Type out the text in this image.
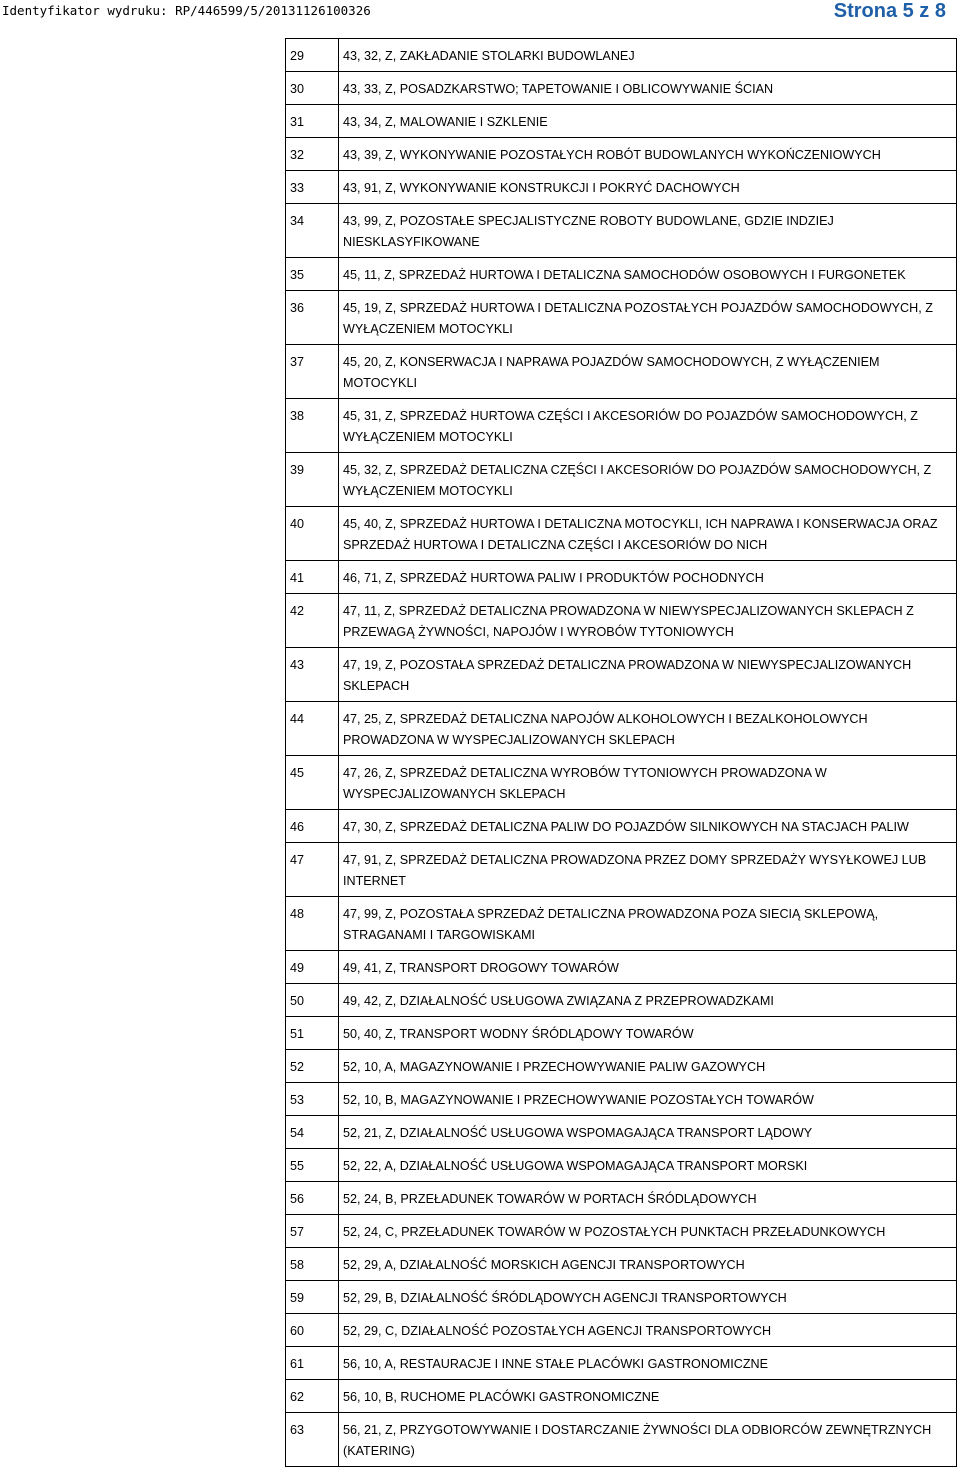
Identyfikator wydruku: RP/446599/5/20131126100326	Strona 5 z 8
29	43, 32, Z, ZAKŁADANIE STOLARKI BUDOWLANEJ
30	43, 33, Z, POSADZKARSTWO; TAPETOWANIE I OBLICOWYWANIE ŚCIAN
31	43, 34, Z, MALOWANIE I SZKLENIE
32	43, 39, Z, WYKONYWANIE POZOSTAŁYCH ROBÓT BUDOWLANYCH WYKOŃCZENIOWYCH
33	43, 91, Z, WYKONYWANIE KONSTRUKCJI I POKRYĆ DACHOWYCH
34	43, 99, Z, POZOSTAŁE SPECJALISTYCZNE ROBOTY BUDOWLANE, GDZIE INDZIEJ NIESKLASYFIKOWANE
35	45, 11, Z, SPRZEDAŻ HURTOWA I DETALICZNA SAMOCHODÓW OSOBOWYCH I FURGONETEK
36	45, 19, Z, SPRZEDAŻ HURTOWA I DETALICZNA POZOSTAŁYCH POJAZDÓW SAMOCHODOWYCH, Z WYŁĄCZENIEM MOTOCYKLI
37	45, 20, Z, KONSERWACJA I NAPRAWA POJAZDÓW SAMOCHODOWYCH, Z WYŁĄCZENIEM MOTOCYKLI
38	45, 31, Z, SPRZEDAŻ HURTOWA CZĘŚCI I AKCESORIÓW DO POJAZDÓW SAMOCHODOWYCH, Z WYŁĄCZENIEM MOTOCYKLI
39	45, 32, Z, SPRZEDAŻ DETALICZNA CZĘŚCI I AKCESORIÓW DO POJAZDÓW SAMOCHODOWYCH, Z WYŁĄCZENIEM MOTOCYKLI
40	45, 40, Z, SPRZEDAŻ HURTOWA I DETALICZNA MOTOCYKLI, ICH NAPRAWA I KONSERWACJA ORAZ SPRZEDAŻ HURTOWA I DETALICZNA CZĘŚCI I AKCESORIÓW DO NICH
41	46, 71, Z, SPRZEDAŻ HURTOWA PALIW I PRODUKTÓW POCHODNYCH
42	47, 11, Z, SPRZEDAŻ DETALICZNA PROWADZONA W NIEWYSPECJALIZOWANYCH SKLEPACH Z PRZEWAGĄ ŻYWNOŚCI, NAPOJÓW I WYROBÓW TYTONIOWYCH
43	47, 19, Z, POZOSTAŁA SPRZEDAŻ DETALICZNA PROWADZONA W NIEWYSPECJALIZOWANYCH SKLEPACH
44	47, 25, Z, SPRZEDAŻ DETALICZNA NAPOJÓW ALKOHOLOWYCH I BEZALKOHOLOWYCH PROWADZONA W WYSPECJALIZOWANYCH SKLEPACH
45	47, 26, Z, SPRZEDAŻ DETALICZNA WYROBÓW TYTONIOWYCH PROWADZONA W WYSPECJALIZOWANYCH SKLEPACH
46	47, 30, Z, SPRZEDAŻ DETALICZNA PALIW DO POJAZDÓW SILNIKOWYCH NA STACJACH PALIW
47	47, 91, Z, SPRZEDAŻ DETALICZNA PROWADZONA PRZEZ DOMY SPRZEDAŻY WYSYŁKOWEJ LUB INTERNET
48	47, 99, Z, POZOSTAŁA SPRZEDAŻ DETALICZNA PROWADZONA POZA SIECIĄ SKLEPOWĄ, STRAGANAMI I TARGOWISKAMI
49	49, 41, Z, TRANSPORT DROGOWY TOWARÓW
50	49, 42, Z, DZIAŁALNOŚĆ USŁUGOWA ZWIĄZANA Z PRZEPROWADZKAMI
51	50, 40, Z, TRANSPORT WODNY ŚRÓDLĄDOWY TOWARÓW
52	52, 10, A, MAGAZYNOWANIE I PRZECHOWYWANIE PALIW GAZOWYCH
53	52, 10, B, MAGAZYNOWANIE I PRZECHOWYWANIE POZOSTAŁYCH TOWARÓW
54	52, 21, Z, DZIAŁALNOŚĆ USŁUGOWA WSPOMAGAJĄCA TRANSPORT LĄDOWY
55	52, 22, A, DZIAŁALNOŚĆ USŁUGOWA WSPOMAGAJĄCA TRANSPORT MORSKI
56	52, 24, B, PRZEŁADUNEK TOWARÓW W PORTACH ŚRÓDLĄDOWYCH
57	52, 24, C, PRZEŁADUNEK TOWARÓW W POZOSTAŁYCH PUNKTACH PRZEŁADUNKOWYCH
58	52, 29, A, DZIAŁALNOŚĆ MORSKICH AGENCJI TRANSPORTOWYCH
59	52, 29, B, DZIAŁALNOŚĆ ŚRÓDLĄDOWYCH AGENCJI TRANSPORTOWYCH
60	52, 29, C, DZIAŁALNOŚĆ POZOSTAŁYCH AGENCJI TRANSPORTOWYCH
61	56, 10, A, RESTAURACJE I INNE STAŁE PLACÓWKI GASTRONOMICZNE
62	56, 10, B, RUCHOME PLACÓWKI GASTRONOMICZNE
63	56, 21, Z, PRZYGOTOWYWANIE I DOSTARCZANIE ŻYWNOŚCI DLA ODBIORCÓW ZEWNĘTRZNYCH (KATERING)
